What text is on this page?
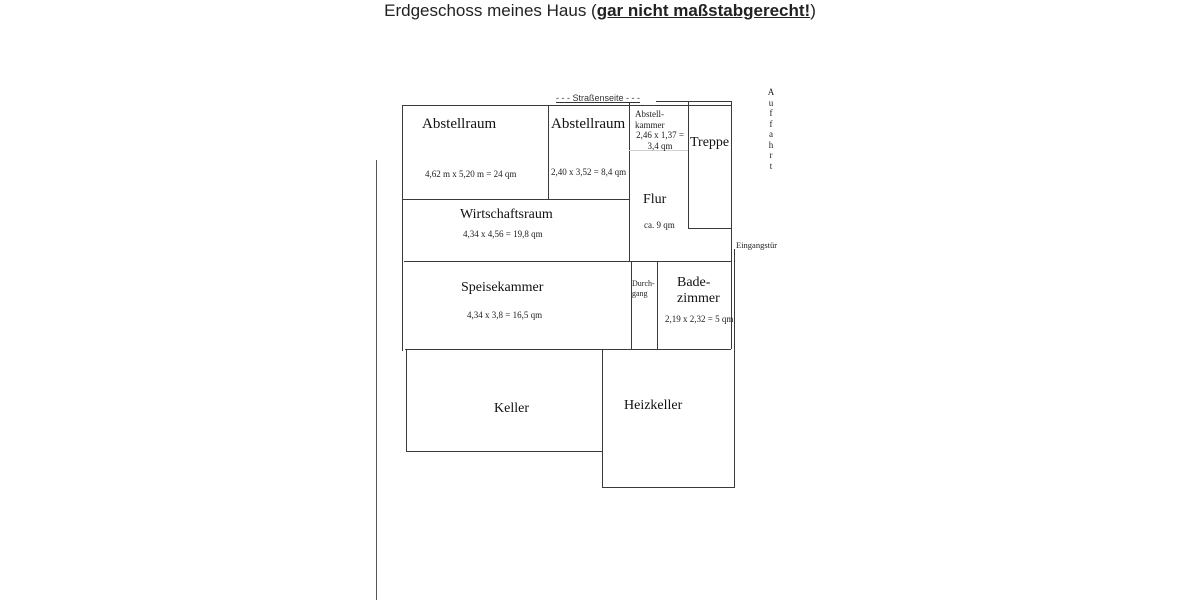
Erdgeschoss meines Haus (gar nicht maßstabgerecht!)
- - - Straßenseite - - -
Abstellraum
4,62 m x 5,20 m = 24 qm
Abstellraum
2,40 x 3,52 = 8,4 qm
Abstell-
kammer
2,46 x 1,37 =
3,4 qm	Treppe
Flur
ca. 9 qm
Wirtschaftsraum
4,34 x 4,56 = 19,8 qm
Speisekammer
4,34 x 3,8 = 16,5 qm
Durch-
gang
Bade-
zimmer
2,19 x 2,32 = 5 qm
Keller	Heizkeller
Eingangstür
A
u
f
f
a
h
r
t
